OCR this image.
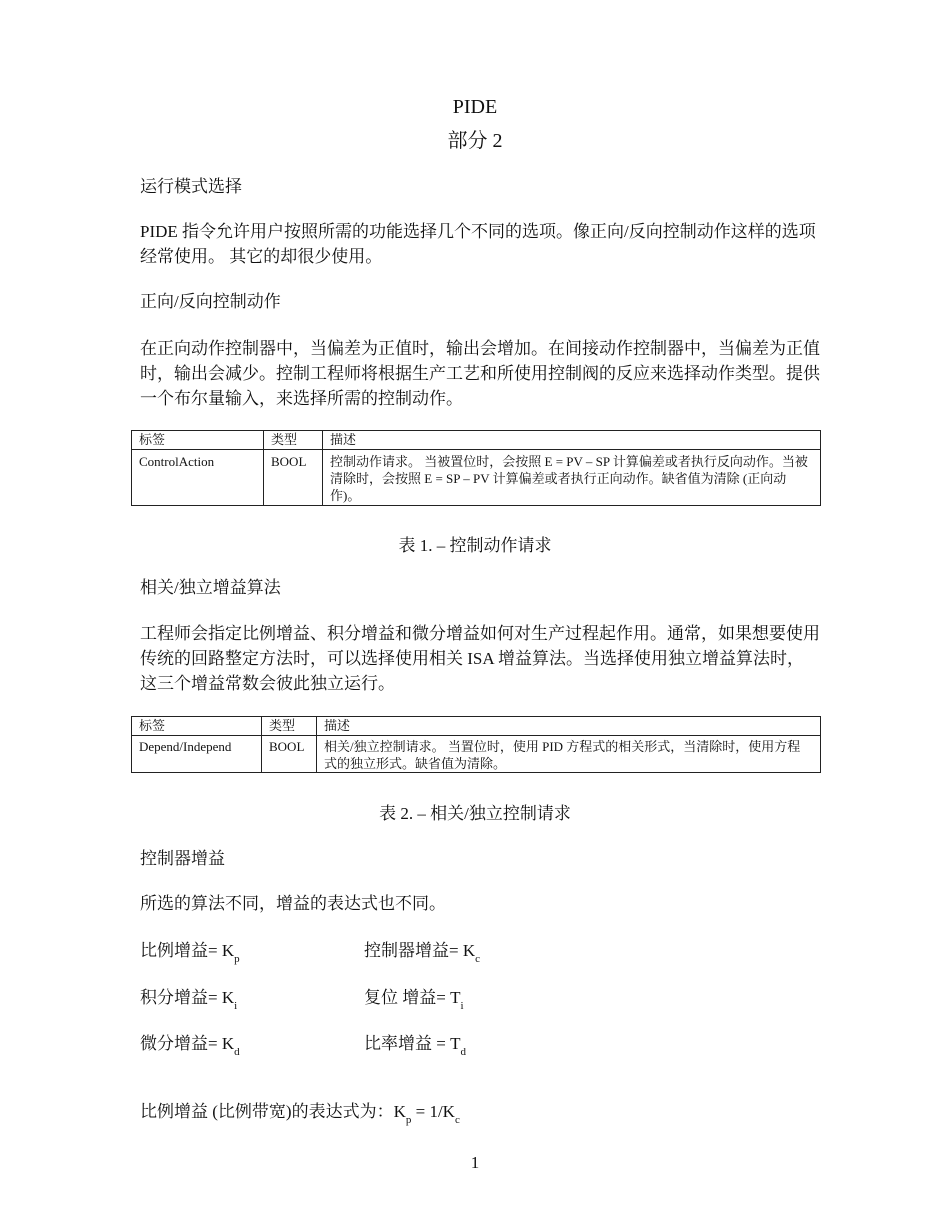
PIDE
部分 2

运行模式选择

PIDE 指令允许用户按照所需的功能选择几个不同的选项。像正向/反向控制动作这样的选项经常使用。 其它的却很少使用。

正向/反向控制动作

在正向动作控制器中，当偏差为正值时，输出会增加。在间接动作控制器中，当偏差为正值时，输出会减少。控制工程师将根据生产工艺和所使用控制阀的反应来选择动作类型。提供一个布尔量输入，来选择所需的控制动作。

标签	类型	描述
ControlAction	BOOL	控制动作请求。 当被置位时，会按照 E = PV – SP 计算偏差或者执行反向动作。当被清除时，会按照 E = SP – PV 计算偏差或者执行正向动作。缺省值为清除 (正向动作)。
表 1. – 控制动作请求

相关/独立增益算法

工程师会指定比例增益、积分增益和微分增益如何对生产过程起作用。通常，如果想要使用传统的回路整定方法时，可以选择使用相关 ISA 增益算法。当选择使用独立增益算法时，这三个增益常数会彼此独立运行。

标签	类型	描述
Depend/Independ	BOOL	相关/独立控制请求。 当置位时，使用 PID 方程式的相关形式，当清除时，使用方程式的独立形式。缺省值为清除。
表 2. – 相关/独立控制请求

控制器增益

所选的算法不同，增益的表达式也不同。

比例增益= $K_p$	控制器增益= $K_c$
积分增益= $K_i$	复位 增益= $T_i$
微分增益= $K_d$	比率增益 = $T_d$
比例增益 (比例带宽)的表达式为：$K_p = 1/K_c$
1
